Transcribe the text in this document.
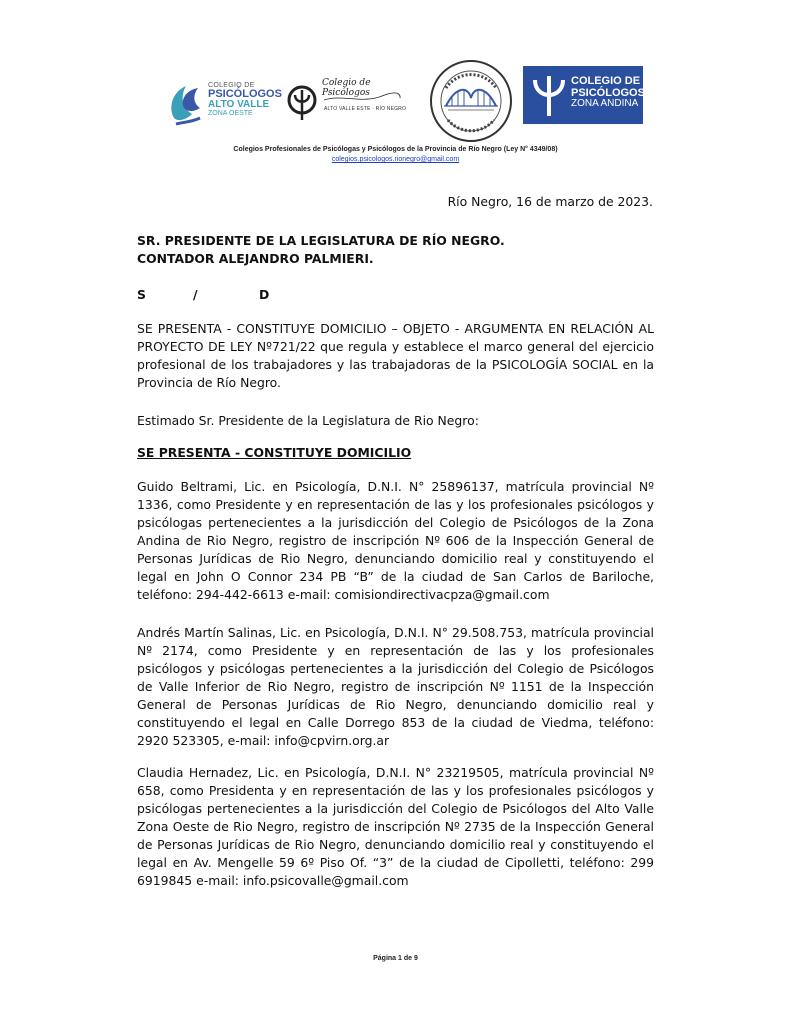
COLEGIO DE
PSICÓLOGOS
ALTO VALLE
ZONA OESTE
Colegio de Psicólogos
ALTO VALLE ESTE · RÍO NEGRO
COLEGIO DE
PSICÓLOGOS
ZONA ANDINA
Colegios Profesionales de Psicólogas y Psicólogos de la Provincia de Río Negro (Ley N° 4349/08)
colegios.psicologos.rionegro@gmail.com
Río Negro, 16 de marzo de 2023.
SR. PRESIDENTE DE LA LEGISLATURA DE RÍO NEGRO.
CONTADOR ALEJANDRO PALMIERI.
S	/	D
SE PRESENTA - CONSTITUYE DOMICILIO – OBJETO - ARGUMENTA EN RELACIÓN AL PROYECTO DE LEY Nº721/22 que regula y establece el marco general del ejercicio profesional de los trabajadores y las trabajadoras de la PSICOLOGÍA SOCIAL en la Provincia de Río Negro.
Estimado Sr. Presidente de la Legislatura de Rio Negro:
SE PRESENTA - CONSTITUYE DOMICILIO
Guido Beltrami, Lic. en Psicología, D.N.I. N° 25896137, matrícula provincial Nº 1336, como Presidente y en representación de las y los profesionales psicólogos y psicólogas pertenecientes a la jurisdicción del Colegio de Psicólogos de la Zona Andina de Rio Negro, registro de inscripción Nº 606 de la Inspección General de Personas Jurídicas de Rio Negro, denunciando domicilio real y constituyendo el legal en John O Connor 234 PB “B” de la ciudad de San Carlos de Bariloche, teléfono: 294-442-6613 e-mail: comisiondirectivacpza@gmail.com
Andrés Martín Salinas, Lic. en Psicología, D.N.I. N° 29.508.753, matrícula provincial Nº 2174, como Presidente y en representación de las y los profesionales psicólogos y psicólogas pertenecientes a la jurisdicción del Colegio de Psicólogos de Valle Inferior de Rio Negro, registro de inscripción Nº 1151 de la Inspección General de Personas Jurídicas de Rio Negro, denunciando domicilio real y constituyendo el legal en Calle Dorrego 853 de la ciudad de Viedma, teléfono: 2920 523305, e-mail: info@cpvirn.org.ar
Claudia Hernadez, Lic. en Psicología, D.N.I. N° 23219505, matrícula provincial Nº 658, como Presidenta y en representación de las y los profesionales psicólogos y psicólogas pertenecientes a la jurisdicción del Colegio de Psicólogos del Alto Valle Zona Oeste de Rio Negro, registro de inscripción Nº 2735 de la Inspección General de Personas Jurídicas de Rio Negro, denunciando domicilio real y constituyendo el legal en Av. Mengelle 59 6º Piso Of. “3” de la ciudad de Cipolletti, teléfono: 299 6919845 e-mail: info.psicovalle@gmail.com
Página 1 de 9
